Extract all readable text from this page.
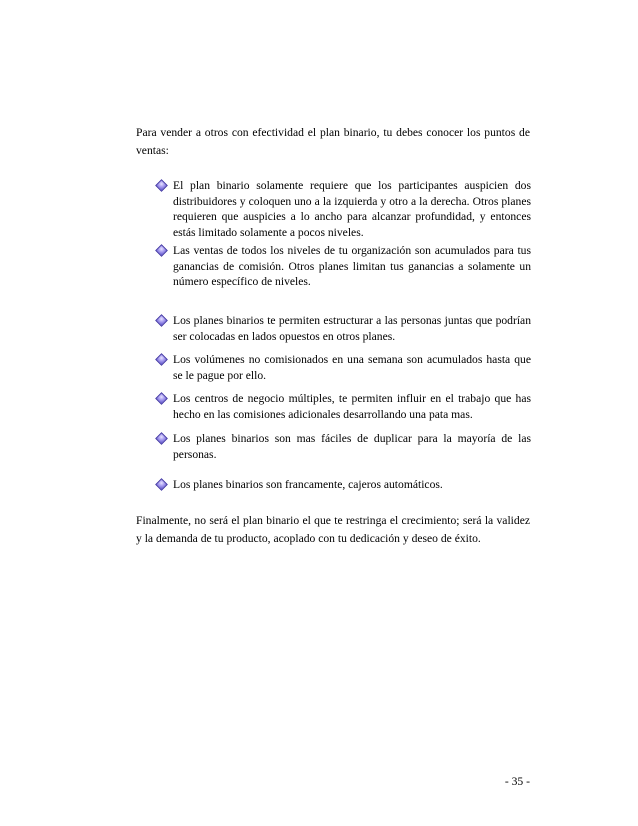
Para vender a otros con efectividad el plan binario, tu debes conocer los puntos de ventas:

El plan binario solamente requiere que los participantes auspicien dos distribuidores y coloquen uno a la izquierda y otro a la derecha. Otros planes requieren que auspicies a lo ancho para alcanzar profundidad, y entonces estás limitado solamente a pocos niveles.
Las ventas de todos los niveles de tu organización son acumulados para tus ganancias de comisión. Otros planes limitan tus ganancias a solamente un número específico de niveles.
Los planes binarios te permiten estructurar a las personas juntas que podrían ser colocadas en lados opuestos en otros planes.
Los volúmenes no comisionados en una semana son acumulados hasta que se le pague por ello.
Los centros de negocio múltiples, te permiten influir en el trabajo que has hecho en las comisiones adicionales desarrollando una pata mas.
Los planes binarios son mas fáciles de duplicar para la mayoría de las personas.
Los planes binarios son francamente, cajeros automáticos.

Finalmente, no será el plan binario el que te restringa el crecimiento; será la validez y la demanda de tu producto, acoplado con tu dedicación y deseo de éxito.

- 35 -
